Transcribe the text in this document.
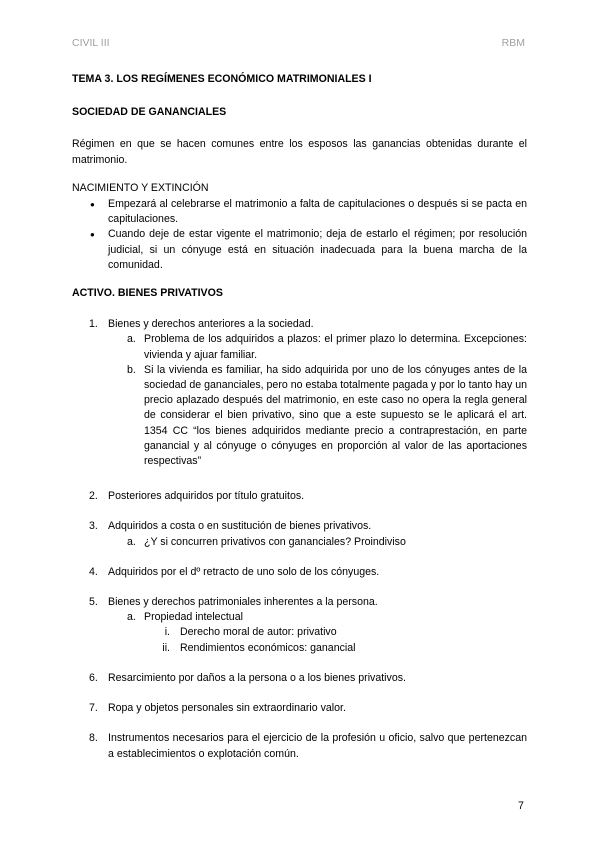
CIVIL III	RBM
TEMA 3. LOS REGÍMENES ECONÓMICO MATRIMONIALES I
SOCIEDAD DE GANANCIALES

Régimen en que se hacen comunes entre los esposos las ganancias obtenidas durante el matrimonio.

NACIMIENTO Y EXTINCIÓN
● Empezará al celebrarse el matrimonio a falta de capitulaciones o después si se pacta en capitulaciones.
● Cuando deje de estar vigente el matrimonio; deja de estarlo el régimen; por resolución judicial, si un cónyuge está en situación inadecuada para la buena marcha de la comunidad.
ACTIVO. BIENES PRIVATIVOS
1. Bienes y derechos anteriores a la sociedad.
a. Problema de los adquiridos a plazos: el primer plazo lo determina. Excepciones: vivienda y ajuar familiar.
b. Si la vivienda es familiar, ha sido adquirida por uno de los cónyuges antes de la sociedad de gananciales, pero no estaba totalmente pagada y por lo tanto hay un precio aplazado después del matrimonio, en este caso no opera la regla general de considerar el bien privativo, sino que a este supuesto se le aplicará el art. 1354 CC “los bienes adquiridos mediante precio a contraprestación, en parte ganancial y al cónyuge o cónyuges en proporción al valor de las aportaciones respectivas”
2. Posteriores adquiridos por título gratuitos.
3. Adquiridos a costa o en sustitución de bienes privativos.
a. ¿Y si concurren privativos con gananciales? Proindiviso
4. Adquiridos por el dº retracto de uno solo de los cónyuges.
5. Bienes y derechos patrimoniales inherentes a la persona.
a. Propiedad intelectual
i. Derecho moral de autor: privativo
ii. Rendimientos económicos: ganancial
6. Resarcimiento por daños a la persona o a los bienes privativos.
7. Ropa y objetos personales sin extraordinario valor.
8. Instrumentos necesarios para el ejercicio de la profesión u oficio, salvo que pertenezcan a establecimientos o explotación común.
7
